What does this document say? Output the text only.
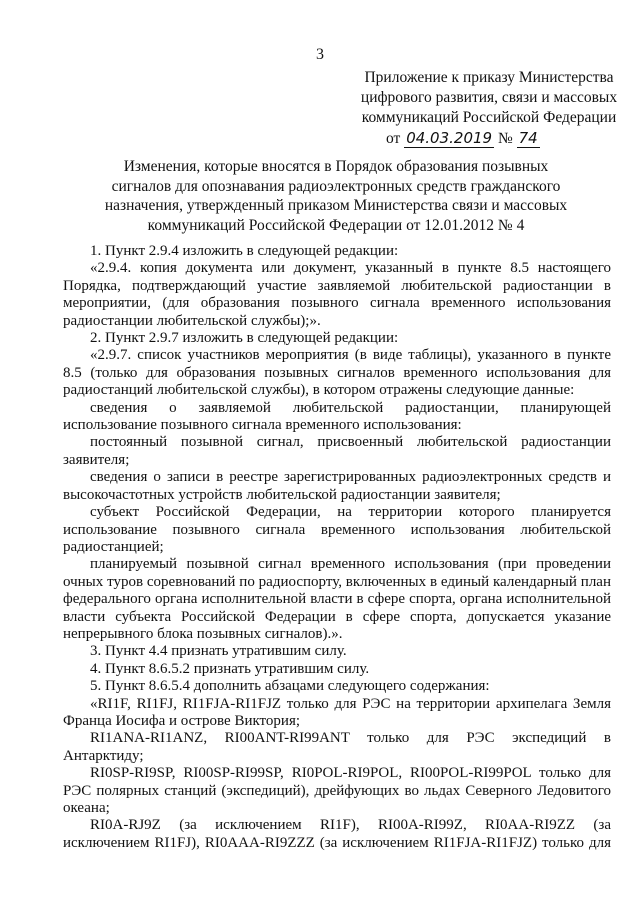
3
Приложение к приказу Министерства
цифрового развития, связи и массовых
коммуникаций Российской Федерации
от 04.03.2019 № 74
Изменения, которые вносятся в Порядок образования позывных
сигналов для опознавания радиоэлектронных средств гражданского
назначения, утвержденный приказом Министерства связи и массовых
коммуникаций Российской Федерации от 12.01.2012 № 4

1. Пункт 2.9.4 изложить в следующей редакции:

«2.9.4. копия документа или документ, указанный в пункте 8.5 настоящего Порядка, подтверждающий участие заявляемой любительской радиостанции в мероприятии, (для образования позывного сигнала временного использования радиостанции любительской службы);».

2. Пункт 2.9.7 изложить в следующей редакции:

«2.9.7. список участников мероприятия (в виде таблицы), указанного в пункте 8.5 (только для образования позывных сигналов временного использования для радиостанций любительской службы), в котором отражены следующие данные:

сведения о заявляемой любительской радиостанции, планирующей использование позывного сигнала временного использования:

постоянный позывной сигнал, присвоенный любительской радиостанции заявителя;

сведения о записи в реестре зарегистрированных радиоэлектронных средств и высокочастотных устройств любительской радиостанции заявителя;

субъект Российской Федерации, на территории которого планируется использование позывного сигнала временного использования любительской радиостанцией;

планируемый позывной сигнал временного использования (при проведении очных туров соревнований по радиоспорту, включенных в единый календарный план федерального органа исполнительной власти в сфере спорта, органа исполнительной власти субъекта Российской Федерации в сфере спорта, допускается указание непрерывного блока позывных сигналов).».

3. Пункт 4.4 признать утратившим силу.

4. Пункт 8.6.5.2 признать утратившим силу.

5. Пункт 8.6.5.4 дополнить абзацами следующего содержания:

«RI1F, RI1FJ, RI1FJA-RI1FJZ только для РЭС на территории архипелага Земля Франца Иосифа и острове Виктория;

RI1ANA-RI1ANZ, RI00ANT-RI99ANT только для РЭС экспедиций в Антарктиду;

RI0SP-RI9SP, RI00SP-RI99SP, RI0POL-RI9POL, RI00POL-RI99POL только для РЭС полярных станций (экспедиций), дрейфующих во льдах Северного Ледовитого океана;

RI0A-RJ9Z (за исключением RI1F), RI00A-RI99Z, RI0AA-RI9ZZ (за исключением RI1FJ), RI0AAA-RI9ZZZ (за исключением RI1FJA-RI1FJZ) только для
